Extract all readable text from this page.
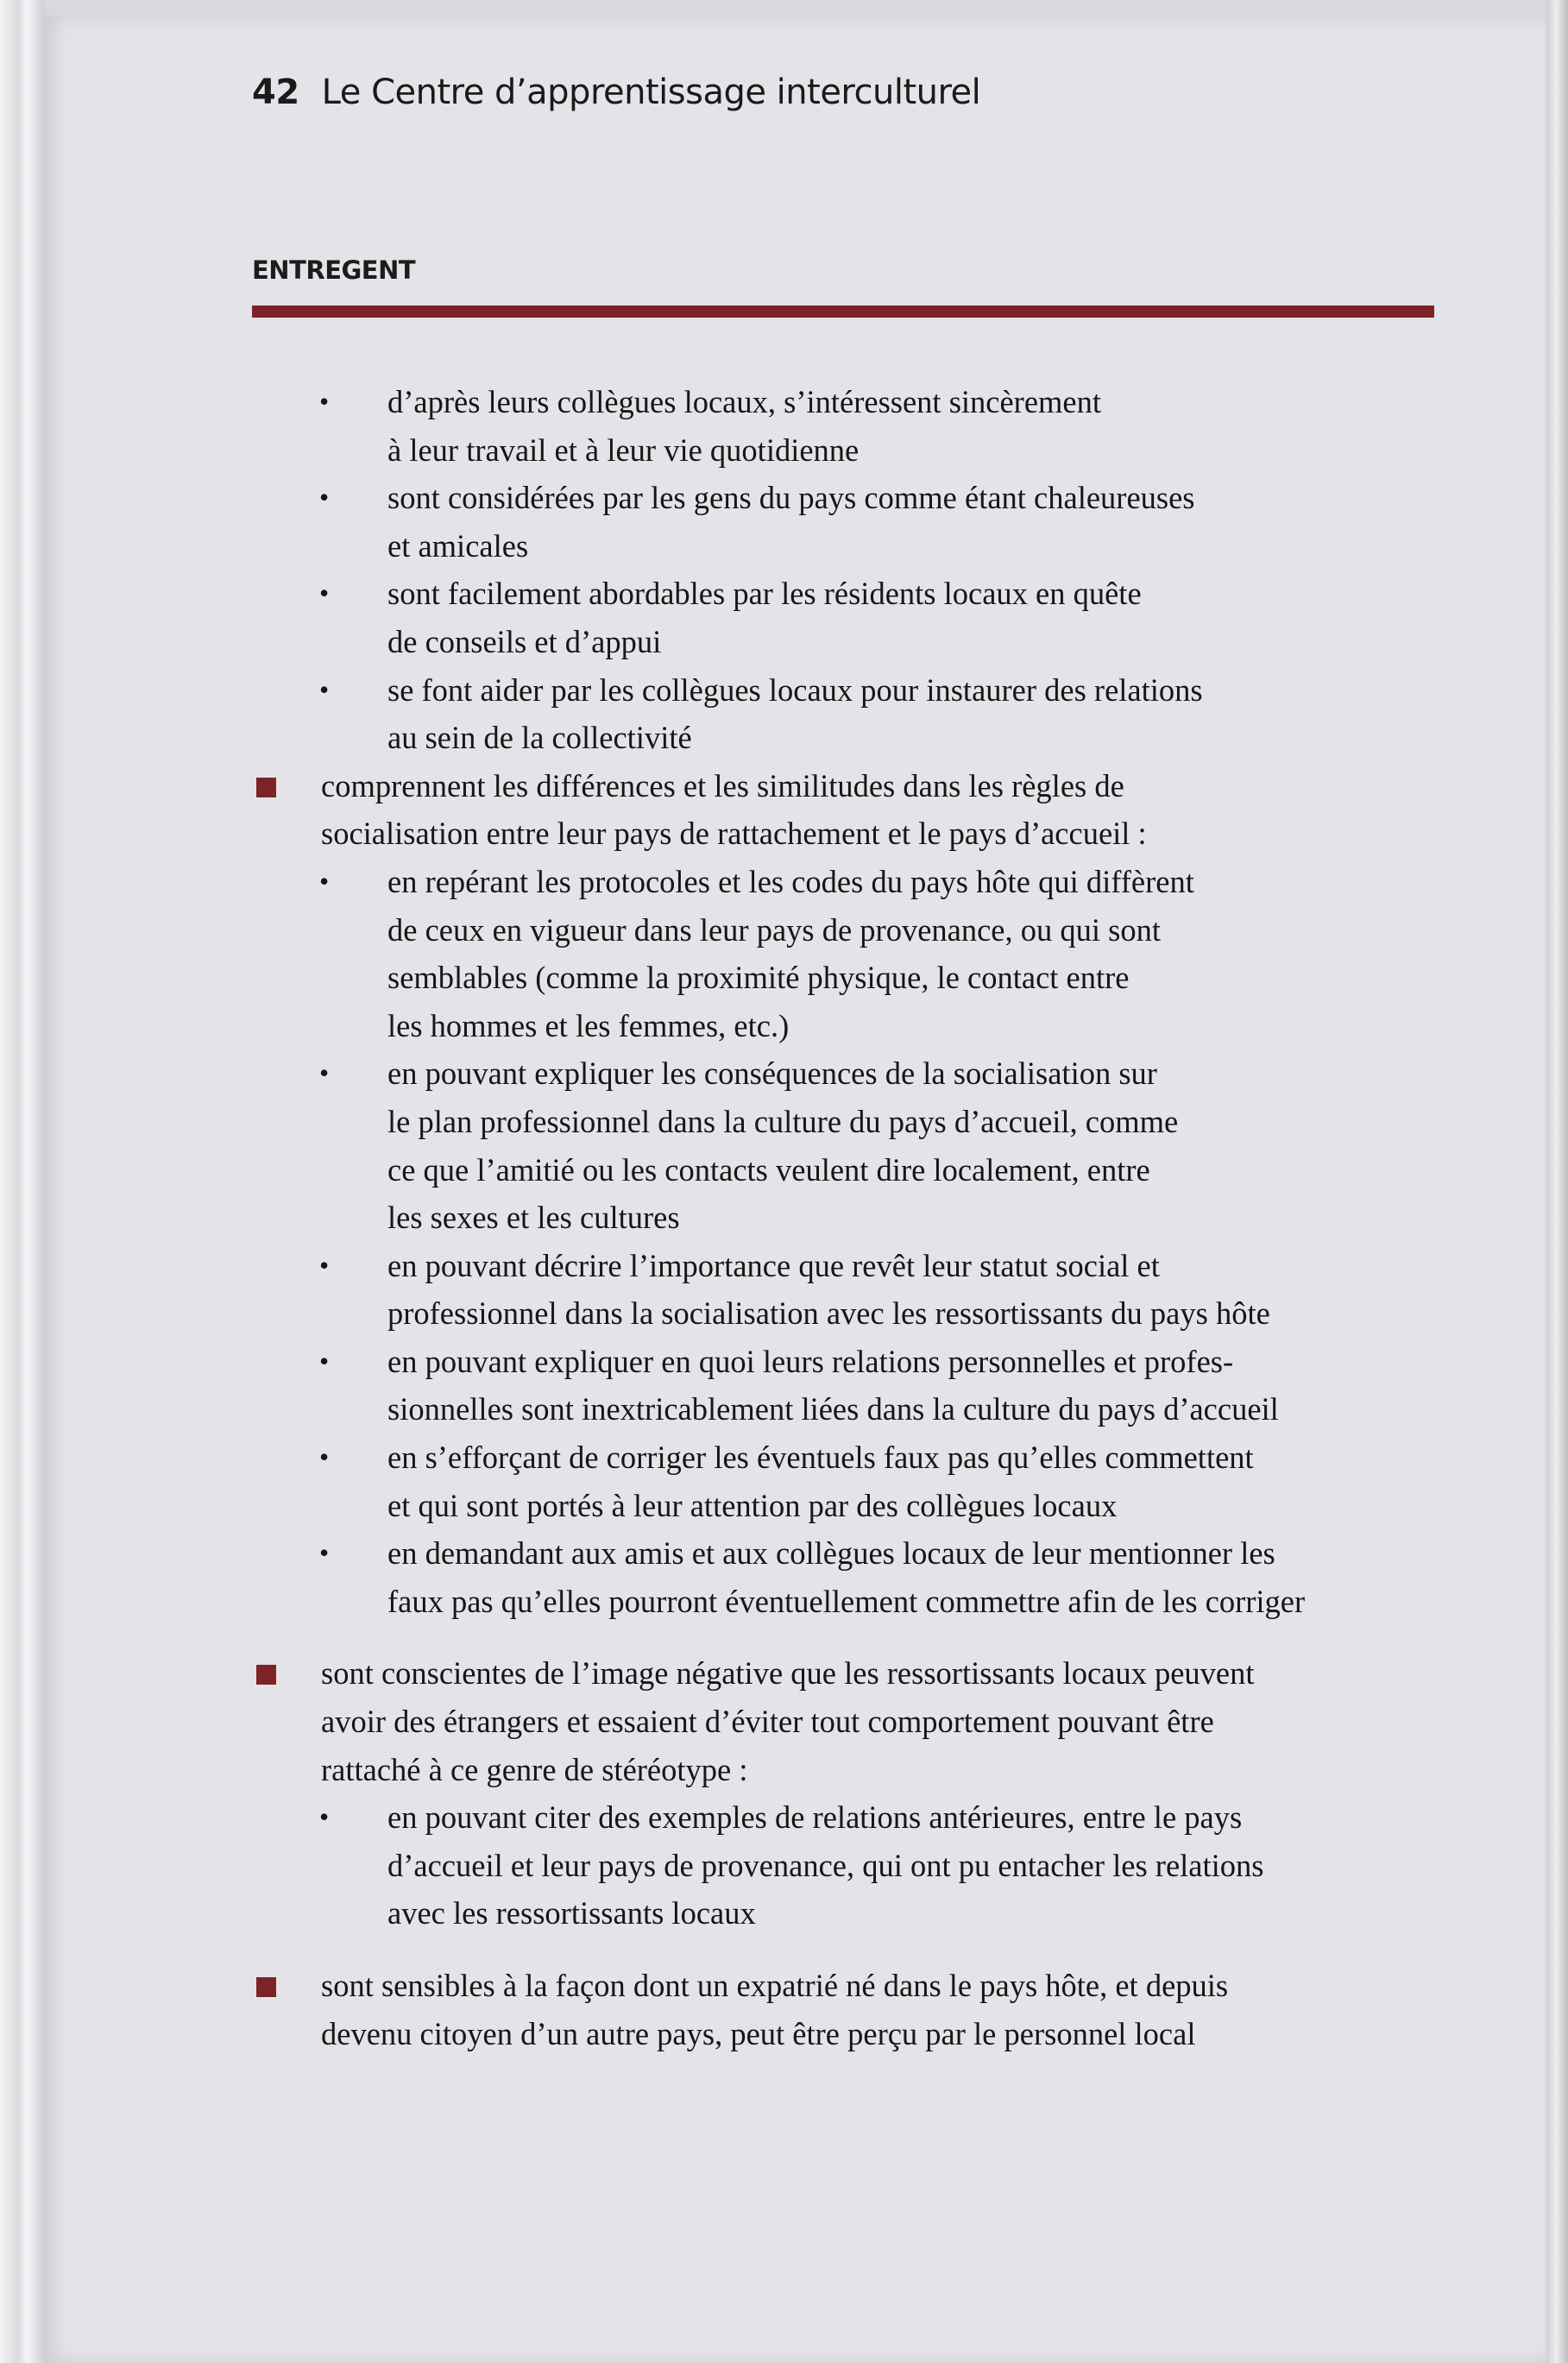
42 Le Centre d’apprentissage interculturel
ENTREGENT
• d’après leurs collègues locaux, s’intéressent sincèrement
à leur travail et à leur vie quotidienne
• sont considérées par les gens du pays comme étant chaleureuses
et amicales
• sont facilement abordables par les résidents locaux en quête
de conseils et d’appui
• se font aider par les collègues locaux pour instaurer des relations
au sein de la collectivité
comprennent les différences et les similitudes dans les règles de
socialisation entre leur pays de rattachement et le pays d’accueil :
• en repérant les protocoles et les codes du pays hôte qui diffèrent
de ceux en vigueur dans leur pays de provenance, ou qui sont
semblables (comme la proximité physique, le contact entre
les hommes et les femmes, etc.)
• en pouvant expliquer les conséquences de la socialisation sur
le plan professionnel dans la culture du pays d’accueil, comme
ce que l’amitié ou les contacts veulent dire localement, entre
les sexes et les cultures
• en pouvant décrire l’importance que revêt leur statut social et
professionnel dans la socialisation avec les ressortissants du pays hôte
• en pouvant expliquer en quoi leurs relations personnelles et profes-
sionnelles sont inextricablement liées dans la culture du pays d’accueil
• en s’efforçant de corriger les éventuels faux pas qu’elles commettent
et qui sont portés à leur attention par des collègues locaux
• en demandant aux amis et aux collègues locaux de leur mentionner les
faux pas qu’elles pourront éventuellement commettre afin de les corriger
sont conscientes de l’image négative que les ressortissants locaux peuvent
avoir des étrangers et essaient d’éviter tout comportement pouvant être
rattaché à ce genre de stéréotype :
• en pouvant citer des exemples de relations antérieures, entre le pays
d’accueil et leur pays de provenance, qui ont pu entacher les relations
avec les ressortissants locaux
sont sensibles à la façon dont un expatrié né dans le pays hôte, et depuis
devenu citoyen d’un autre pays, peut être perçu par le personnel local
